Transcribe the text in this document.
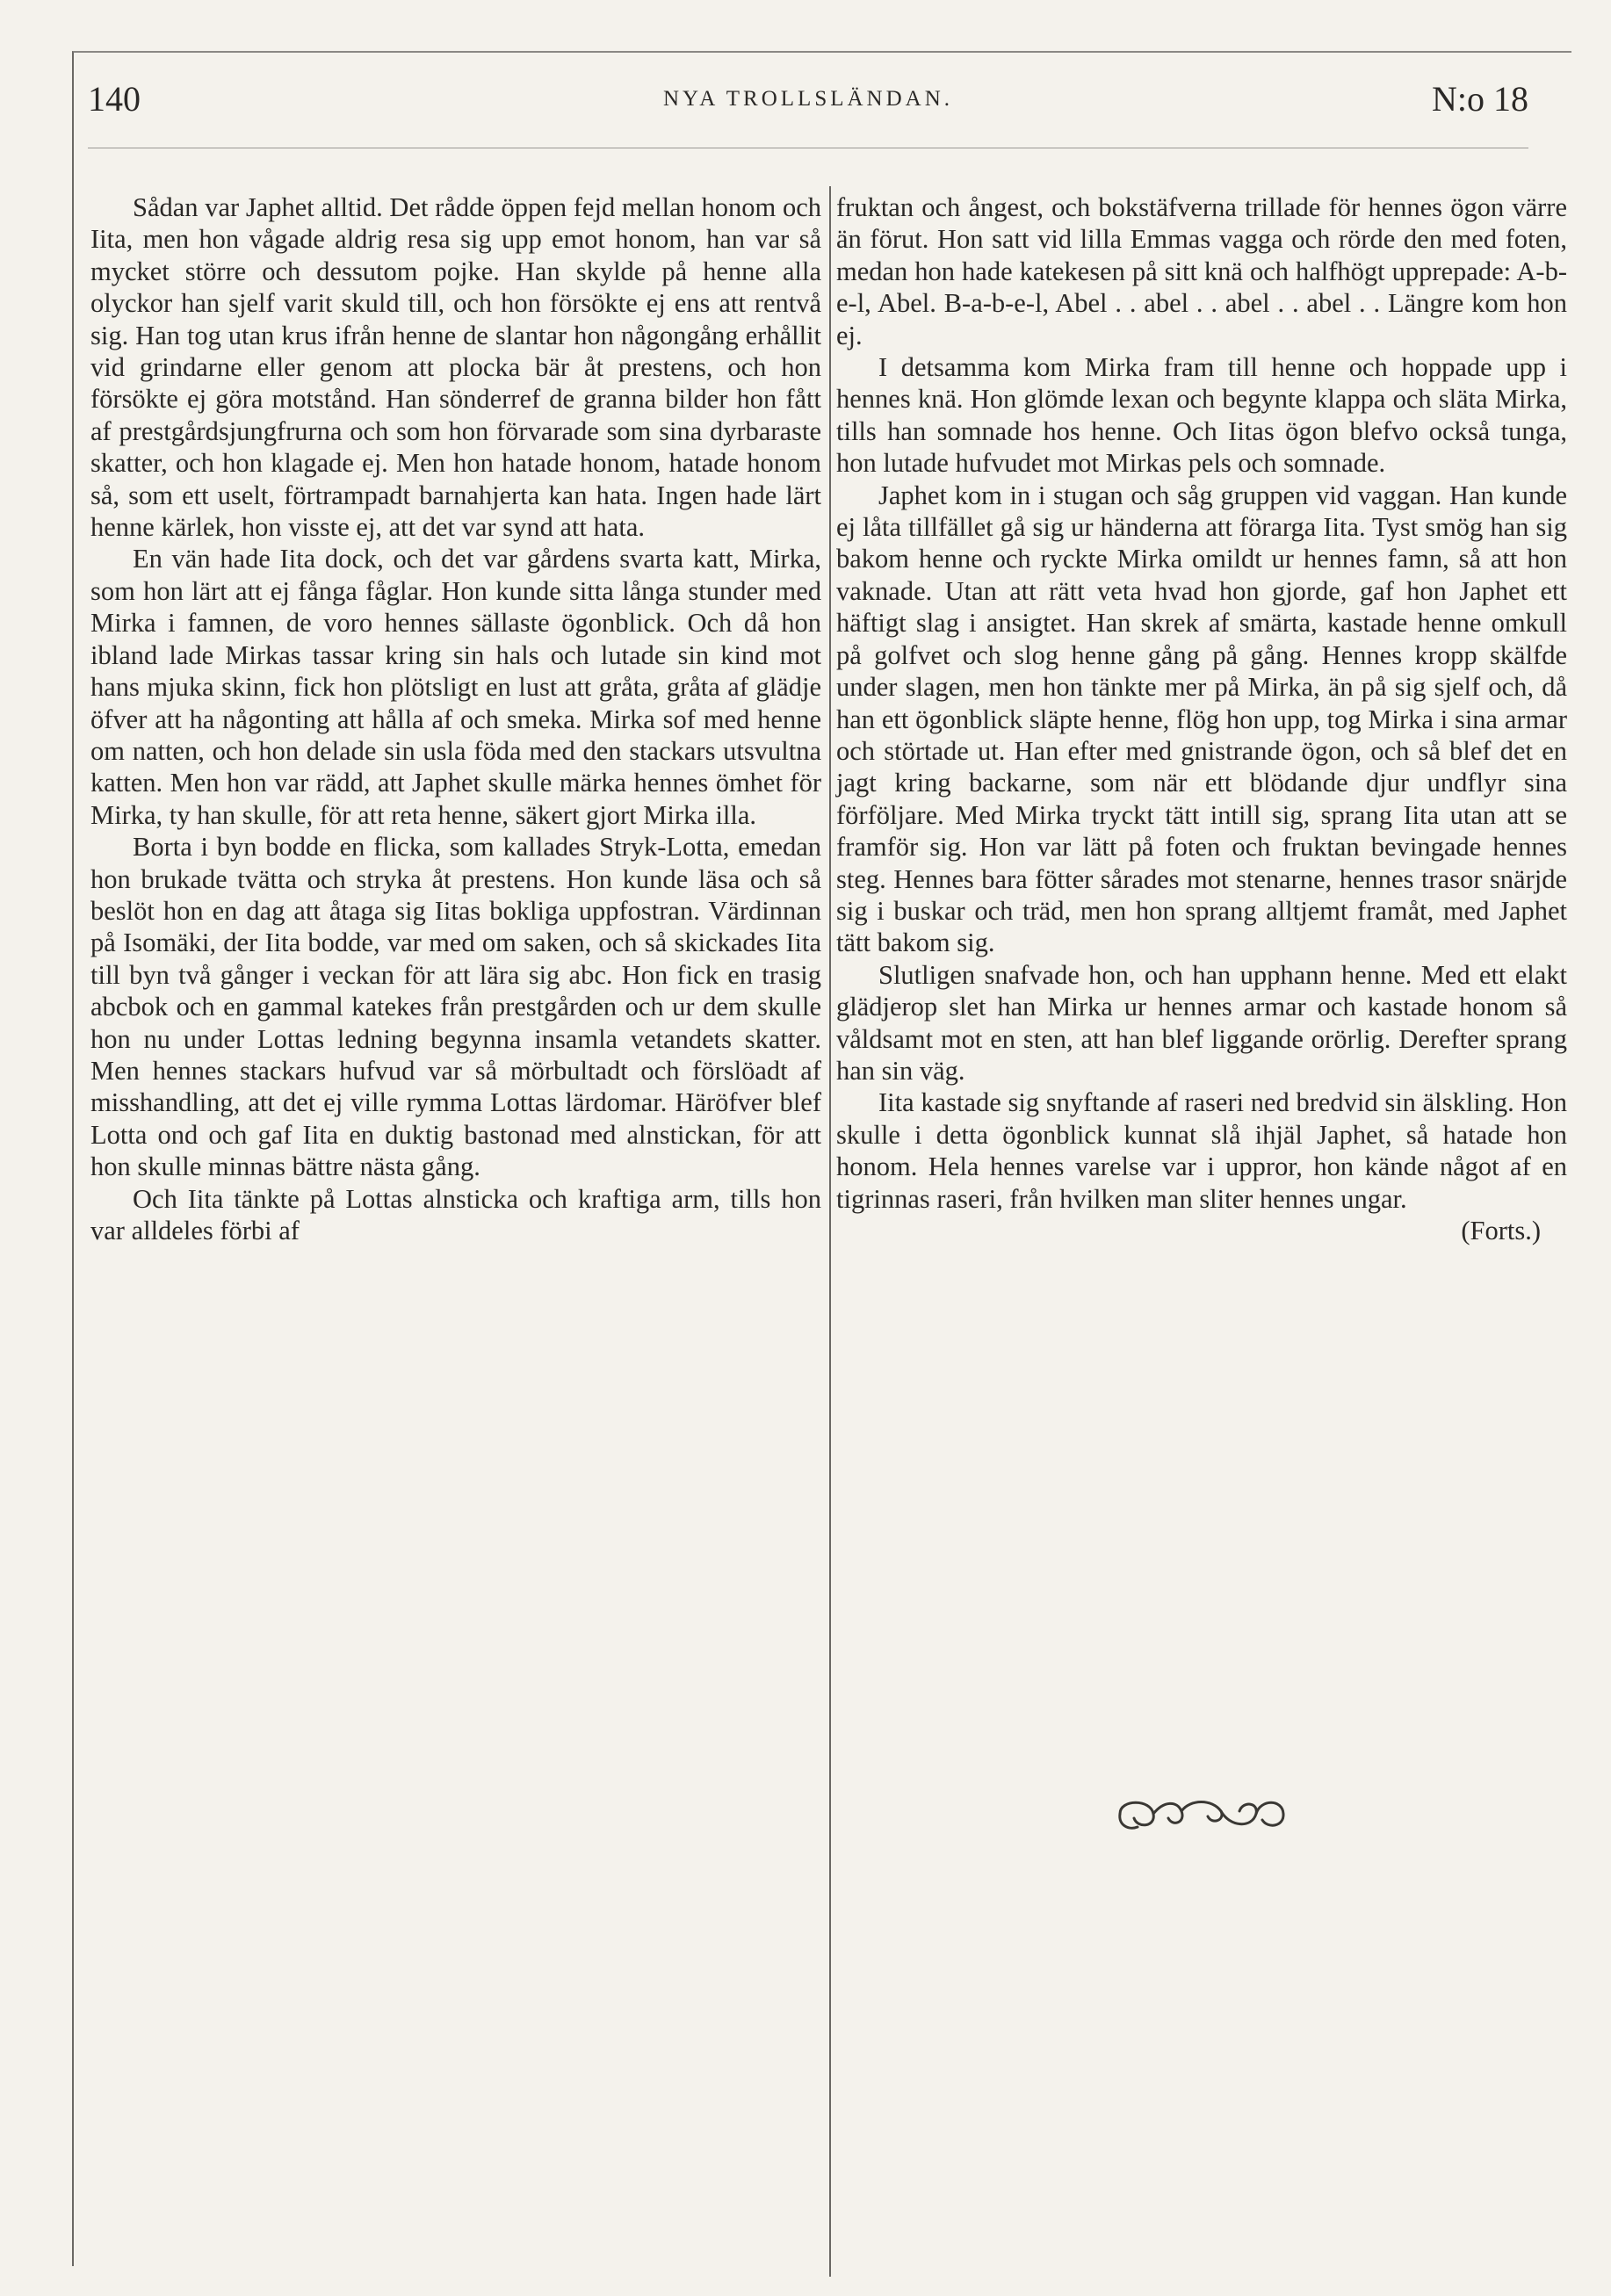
140	NYA TROLLSLÄNDAN.	N:o 18

Sådan var Japhet alltid. Det rådde öppen fejd mellan honom och Iita, men hon vågade aldrig resa sig upp emot honom, han var så mycket större och dessutom pojke. Han skylde på henne alla olyckor han sjelf varit skuld till, och hon försökte ej ens att rentvå sig. Han tog utan krus ifrån henne de slantar hon någongång erhållit vid grindarne eller genom att plocka bär åt prestens, och hon försökte ej göra motstånd. Han sönderref de granna bilder hon fått af prestgårdsjungfrurna och som hon förvarade som sina dyrbaraste skatter, och hon klagade ej. Men hon hatade honom, hatade honom så, som ett uselt, förtrampadt barnahjerta kan hata. Ingen hade lärt henne kärlek, hon visste ej, att det var synd att hata.

En vän hade Iita dock, och det var gårdens svarta katt, Mirka, som hon lärt att ej fånga fåglar. Hon kunde sitta långa stunder med Mirka i famnen, de voro hennes sällaste ögonblick. Och då hon ibland lade Mirkas tassar kring sin hals och lutade sin kind mot hans mjuka skinn, fick hon plötsligt en lust att gråta, gråta af glädje öfver att ha någonting att hålla af och smeka. Mirka sof med henne om natten, och hon delade sin usla föda med den stackars utsvultna katten. Men hon var rädd, att Japhet skulle märka hennes ömhet för Mirka, ty han skulle, för att reta henne, säkert gjort Mirka illa.

Borta i byn bodde en flicka, som kallades Stryk-Lotta, emedan hon brukade tvätta och stryka åt prestens. Hon kunde läsa och så beslöt hon en dag att åtaga sig Iitas bokliga uppfostran. Värdinnan på Isomäki, der Iita bodde, var med om saken, och så skickades Iita till byn två gånger i veckan för att lära sig abc. Hon fick en trasig abcbok och en gammal katekes från prestgården och ur dem skulle hon nu under Lottas ledning begynna insamla vetandets skatter. Men hennes stackars hufvud var så mörbultadt och förslöadt af misshandling, att det ej ville rymma Lottas lärdomar. Häröfver blef Lotta ond och gaf Iita en duktig bastonad med alnstickan, för att hon skulle minnas bättre nästa gång.

Och Iita tänkte på Lottas alnsticka och kraftiga arm, tills hon var alldeles förbi af

fruktan och ångest, och bokstäfverna trillade för hennes ögon värre än förut. Hon satt vid lilla Emmas vagga och rörde den med foten, medan hon hade katekesen på sitt knä och halfhögt upprepade: A-b-e-l, Abel. B-a-b-e-l, Abel . . abel . . abel . . abel . . Längre kom hon ej.

I detsamma kom Mirka fram till henne och hoppade upp i hennes knä. Hon glömde lexan och begynte klappa och släta Mirka, tills han somnade hos henne. Och Iitas ögon blefvo också tunga, hon lutade hufvudet mot Mirkas pels och somnade.

Japhet kom in i stugan och såg gruppen vid vaggan. Han kunde ej låta tillfället gå sig ur händerna att förarga Iita. Tyst smög han sig bakom henne och ryckte Mirka omildt ur hennes famn, så att hon vaknade. Utan att rätt veta hvad hon gjorde, gaf hon Japhet ett häftigt slag i ansigtet. Han skrek af smärta, kastade henne omkull på golfvet och slog henne gång på gång. Hennes kropp skälfde under slagen, men hon tänkte mer på Mirka, än på sig sjelf och, då han ett ögonblick släpte henne, flög hon upp, tog Mirka i sina armar och störtade ut. Han efter med gnistrande ögon, och så blef det en jagt kring backarne, som när ett blödande djur undflyr sina förföljare. Med Mirka tryckt tätt intill sig, sprang Iita utan att se framför sig. Hon var lätt på foten och fruktan bevingade hennes steg. Hennes bara fötter sårades mot stenarne, hennes trasor snärjde sig i buskar och träd, men hon sprang alltjemt framåt, med Japhet tätt bakom sig.

Slutligen snafvade hon, och han upphann henne. Med ett elakt glädjerop slet han Mirka ur hennes armar och kastade honom så våldsamt mot en sten, att han blef liggande orörlig. Derefter sprang han sin väg.

Iita kastade sig snyftande af raseri ned bredvid sin älskling. Hon skulle i detta ögonblick kunnat slå ihjäl Japhet, så hatade hon honom. Hela hennes varelse var i uppror, hon kände något af en tigrinnas raseri, från hvilken man sliter hennes ungar.

(Forts.)
